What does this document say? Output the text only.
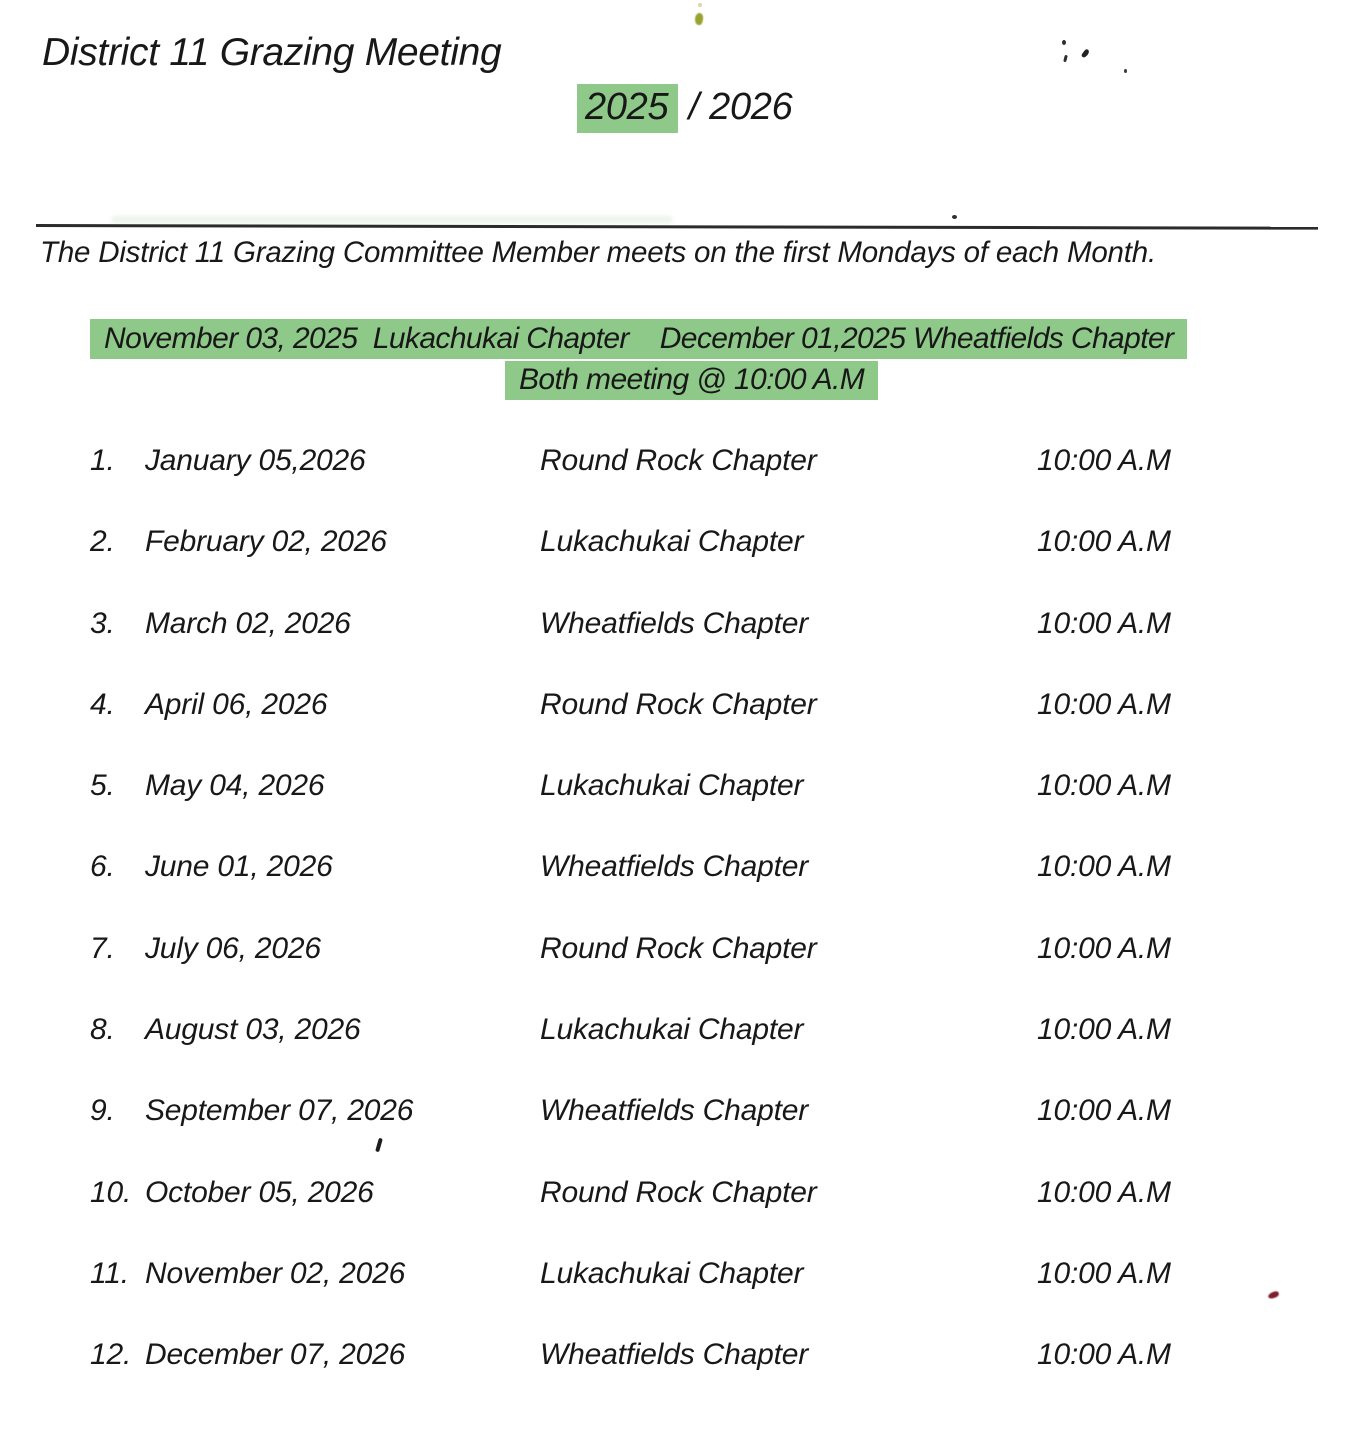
District 11 Grazing Meeting
2025 / 2026

The District 11 Grazing Committee Member meets on the first Mondays of each Month.

November 03, 2025  Lukachukai Chapter    December 01,2025 Wheatfields Chapter
Both meeting @ 10:00 A.M
1.	January 05,2026	Round Rock Chapter	10:00 A.M
2.	February 02, 2026	Lukachukai Chapter	10:00 A.M
3.	March 02, 2026	Wheatfields Chapter	10:00 A.M
4.	April 06, 2026	Round Rock Chapter	10:00 A.M
5.	May 04, 2026	Lukachukai Chapter	10:00 A.M
6.	June 01, 2026	Wheatfields Chapter	10:00 A.M
7.	July 06, 2026	Round Rock Chapter	10:00 A.M
8.	August 03, 2026	Lukachukai Chapter	10:00 A.M
9.	September 07, 2026	Wheatfields Chapter	10:00 A.M
10. October 05, 2026	Round Rock Chapter	10:00 A.M
11. November 02, 2026	Lukachukai Chapter	10:00 A.M
12. December 07, 2026	Wheatfields Chapter	10:00 A.M
